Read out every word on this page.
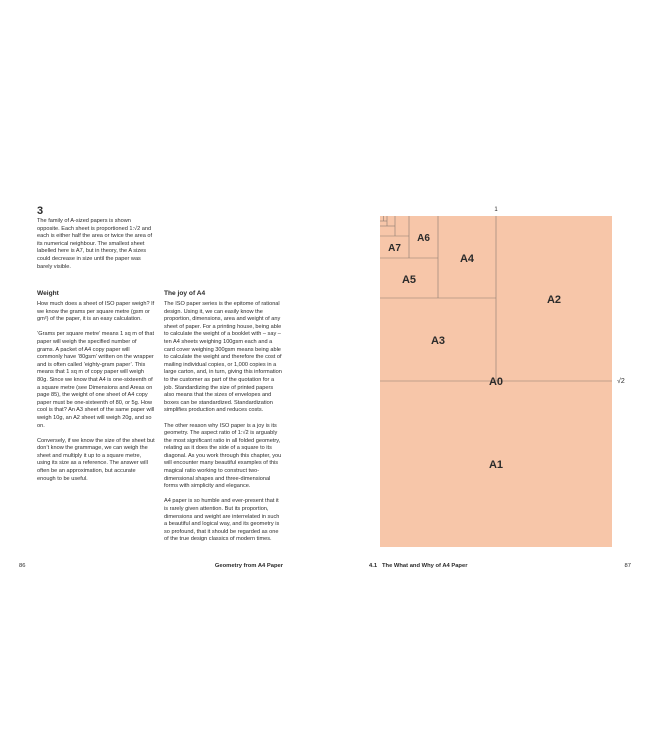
3
The family of A-sized papers is shown opposite. Each sheet is proportioned 1:√2 and each is either half the area or twice the area of its numerical neighbour. The smallest sheet labelled here is A7, but in theory, the A sizes could decrease in size until the paper was barely visible.
Weight

How much does a sheet of ISO paper weigh? If we know the grams per square metre (gsm or gm²) of the paper, it is an easy calculation.

‘Grams per square metre’ means 1 sq m of that paper will weigh the specified number of grams. A packet of A4 copy paper will commonly have ‘80gsm’ written on the wrapper and is often called ‘eighty-gram paper’. This means that 1 sq m of copy paper will weigh 80g. Since we know that A4 is one-sixteenth of a square metre (see Dimensions and Areas on page 85), the weight of one sheet of A4 copy paper must be one-sixteenth of 80, or 5g. How cool is that? An A3 sheet of the same paper will weigh 10g, an A2 sheet will weigh 20g, and so on.

Conversely, if we know the size of the sheet but don’t know the grammage, we can weigh the sheet and multiply it up to a square metre, using its size as a reference. The answer will often be an approximation, but accurate enough to be useful.

The joy of A4

The ISO paper series is the epitome of rational design. Using it, we can easily know the proportion, dimensions, area and weight of any sheet of paper. For a printing house, being able to calculate the weight of a booklet with – say – ten A4 sheets weighing 100gsm each and a card cover weighing 300gsm means being able to calculate the weight and therefore the cost of mailing individual copies, or 1,000 copies in a large carton, and, in turn, giving this information to the customer as part of the quotation for a job. Standardizing the size of printed papers also means that the sizes of envelopes and boxes can be standardized. Standardization simplifies production and reduces costs.

The other reason why ISO paper is a joy is its geometry. The aspect ratio of 1:√2 is arguably the most significant ratio in all folded geometry, relating as it does the side of a square to its diagonal. As you work through this chapter, you will encounter many beautiful examples of this magical ratio working to construct two-dimensional shapes and three-dimensional forms with simplicity and elegance.

A4 paper is so humble and ever-present that it is rarely given attention. But its proportion, dimensions and weight are interrelated in such a beautiful and logical way, and its geometry is so profound, that it should be regarded as one of the true design classics of modern times.

A0
A1
A2
A3
A4
A5
A6
A7
1
√2
86	Geometry from A4 Paper	4.1 The What and Why of A4 Paper	87
